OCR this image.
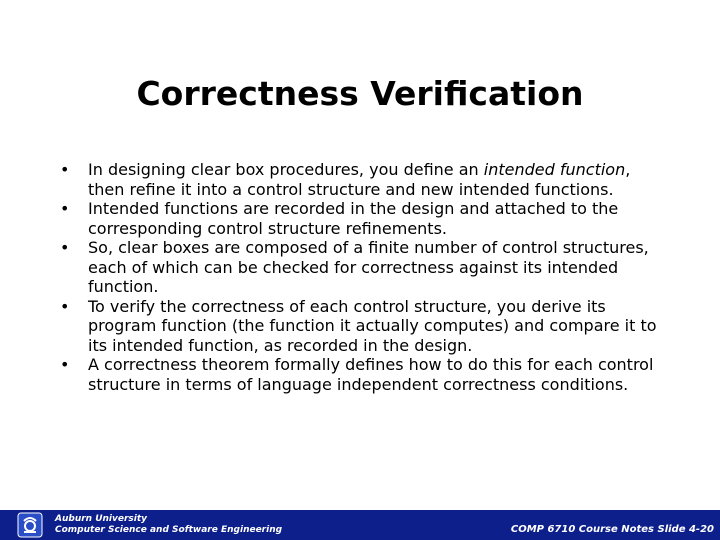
Correctness Verification
• In designing clear box procedures, you define an intended function, then refine it into a control structure and new intended functions.
• Intended functions are recorded in the design and attached to the corresponding control structure refinements.
• So, clear boxes are composed of a finite number of control structures, each of which can be checked for correctness against its intended function.
• To verify the correctness of each control structure, you derive its program function (the function it actually computes) and compare it to its intended function, as recorded in the design.
• A correctness theorem formally defines how to do this for each control structure in terms of language independent correctness conditions.
Auburn University
Computer Science and Software Engineering	COMP 6710 Course Notes Slide 4-20
